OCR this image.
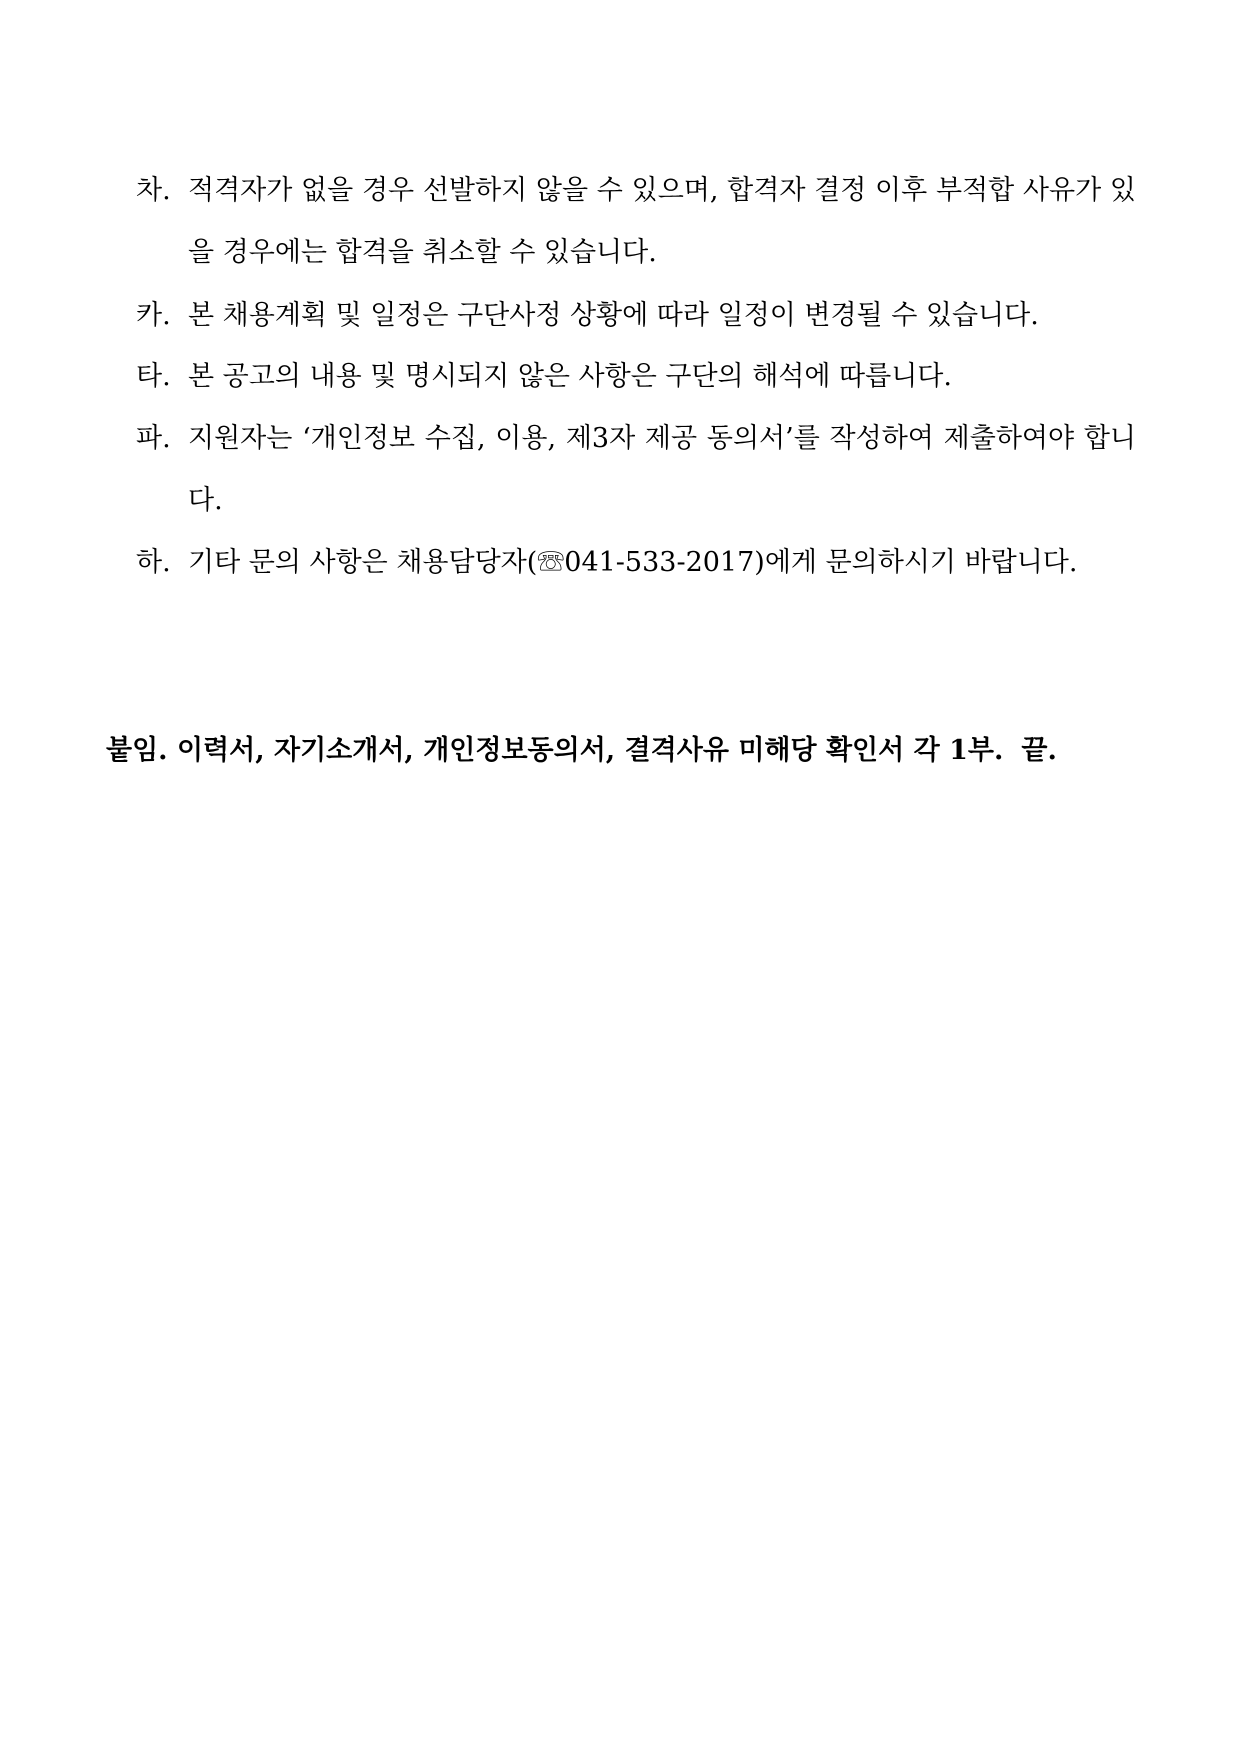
차. 적격자가 없을 경우 선발하지 않을 수 있으며, 합격자 결정 이후 부적합 사유가 있을 경우에는 합격을 취소할 수 있습니다.
카. 본 채용계획 및 일정은 구단사정 상황에 따라 일정이 변경될 수 있습니다.
타. 본 공고의 내용 및 명시되지 않은 사항은 구단의 해석에 따릅니다.
파. 지원자는 ‘개인정보 수집, 이용, 제3자 제공 동의서’를 작성하여 제출하여야 합니다.
하. 기타 문의 사항은 채용담당자(☏041-533-2017)에게 문의하시기 바랍니다.
붙임. 이력서, 자기소개서, 개인정보동의서, 결격사유 미해당 확인서 각 1부. 끝.
